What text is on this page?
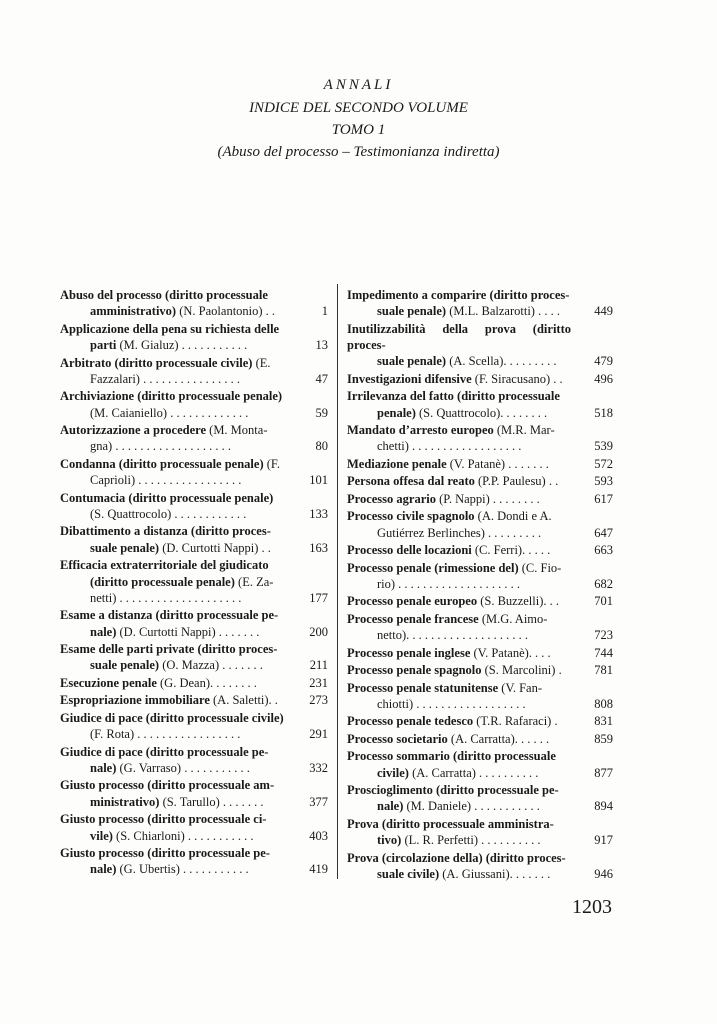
ANNALI
INDICE DEL SECONDO VOLUME
TOMO 1
(Abuso del processo – Testimonianza indiretta)
Abuso del processo (diritto processuale
amministrativo) (N. Paolantonio) . .	1
Applicazione della pena su richiesta delle
parti (M. Gialuz) . . . . . . . . . . .	13
Arbitrato (diritto processuale civile) (E.
Fazzalari) . . . . . . . . . . . . . . . .	47
Archiviazione (diritto processuale penale)
(M. Caianiello) . . . . . . . . . . . . .	59
Autorizzazione a procedere (M. Monta-
gna) . . . . . . . . . . . . . . . . . . .	80
Condanna (diritto processuale penale) (F.
Caprioli) . . . . . . . . . . . . . . . . .	101
Contumacia (diritto processuale penale)
(S. Quattrocolo) . . . . . . . . . . . .	133
Dibattimento a distanza (diritto proces-
suale penale) (D. Curtotti Nappi) . .	163
Efficacia extraterritoriale del giudicato
(diritto processuale penale) (E. Za-
netti) . . . . . . . . . . . . . . . . . . . .	177
Esame a distanza (diritto processuale pe-
nale) (D. Curtotti Nappi) . . . . . . .	200
Esame delle parti private (diritto proces-
suale penale) (O. Mazza) . . . . . . .	211
Esecuzione penale (G. Dean). . . . . . . .	231
Espropriazione immobiliare (A. Saletti). .	273
Giudice di pace (diritto processuale civile)
(F. Rota) . . . . . . . . . . . . . . . . .	291
Giudice di pace (diritto processuale pe-
nale) (G. Varraso) . . . . . . . . . . .	332
Giusto processo (diritto processuale am-
ministrativo) (S. Tarullo) . . . . . . .	377
Giusto processo (diritto processuale ci-
vile) (S. Chiarloni) . . . . . . . . . . .	403
Giusto processo (diritto processuale pe-
nale) (G. Ubertis) . . . . . . . . . . .	419
Impedimento a comparire (diritto proces-
suale penale) (M.L. Balzarotti) . . . .	449
Inutilizzabilità della prova (diritto proces-
suale penale) (A. Scella). . . . . . . . .	479
Investigazioni difensive (F. Siracusano) . .	496
Irrilevanza del fatto (diritto processuale
penale) (S. Quattrocolo). . . . . . . .	518
Mandato d’arresto europeo (M.R. Mar-
chetti) . . . . . . . . . . . . . . . . . .	539
Mediazione penale (V. Patanè) . . . . . . .	572
Persona offesa dal reato (P.P. Paulesu) . .	593
Processo agrario (P. Nappi) . . . . . . . .	617
Processo civile spagnolo (A. Dondi e A.
Gutiérrez Berlinches) . . . . . . . . .	647
Processo delle locazioni (C. Ferri). . . . .	663
Processo penale (rimessione del) (C. Fio-
rio) . . . . . . . . . . . . . . . . . . . .	682
Processo penale europeo (S. Buzzelli). . .	701
Processo penale francese (M.G. Aimo-
netto). . . . . . . . . . . . . . . . . . . .	723
Processo penale inglese (V. Patanè). . . .	744
Processo penale spagnolo (S. Marcolini) .	781
Processo penale statunitense (V. Fan-
chiotti) . . . . . . . . . . . . . . . . . .	808
Processo penale tedesco (T.R. Rafaraci) .	831
Processo societario (A. Carratta). . . . . .	859
Processo sommario (diritto processuale
civile) (A. Carratta) . . . . . . . . . .	877
Proscioglimento (diritto processuale pe-
nale) (M. Daniele) . . . . . . . . . . .	894
Prova (diritto processuale amministra-
tivo) (L. R. Perfetti) . . . . . . . . . .	917
Prova (circolazione della) (diritto proces-
suale civile) (A. Giussani). . . . . . .	946
1203
